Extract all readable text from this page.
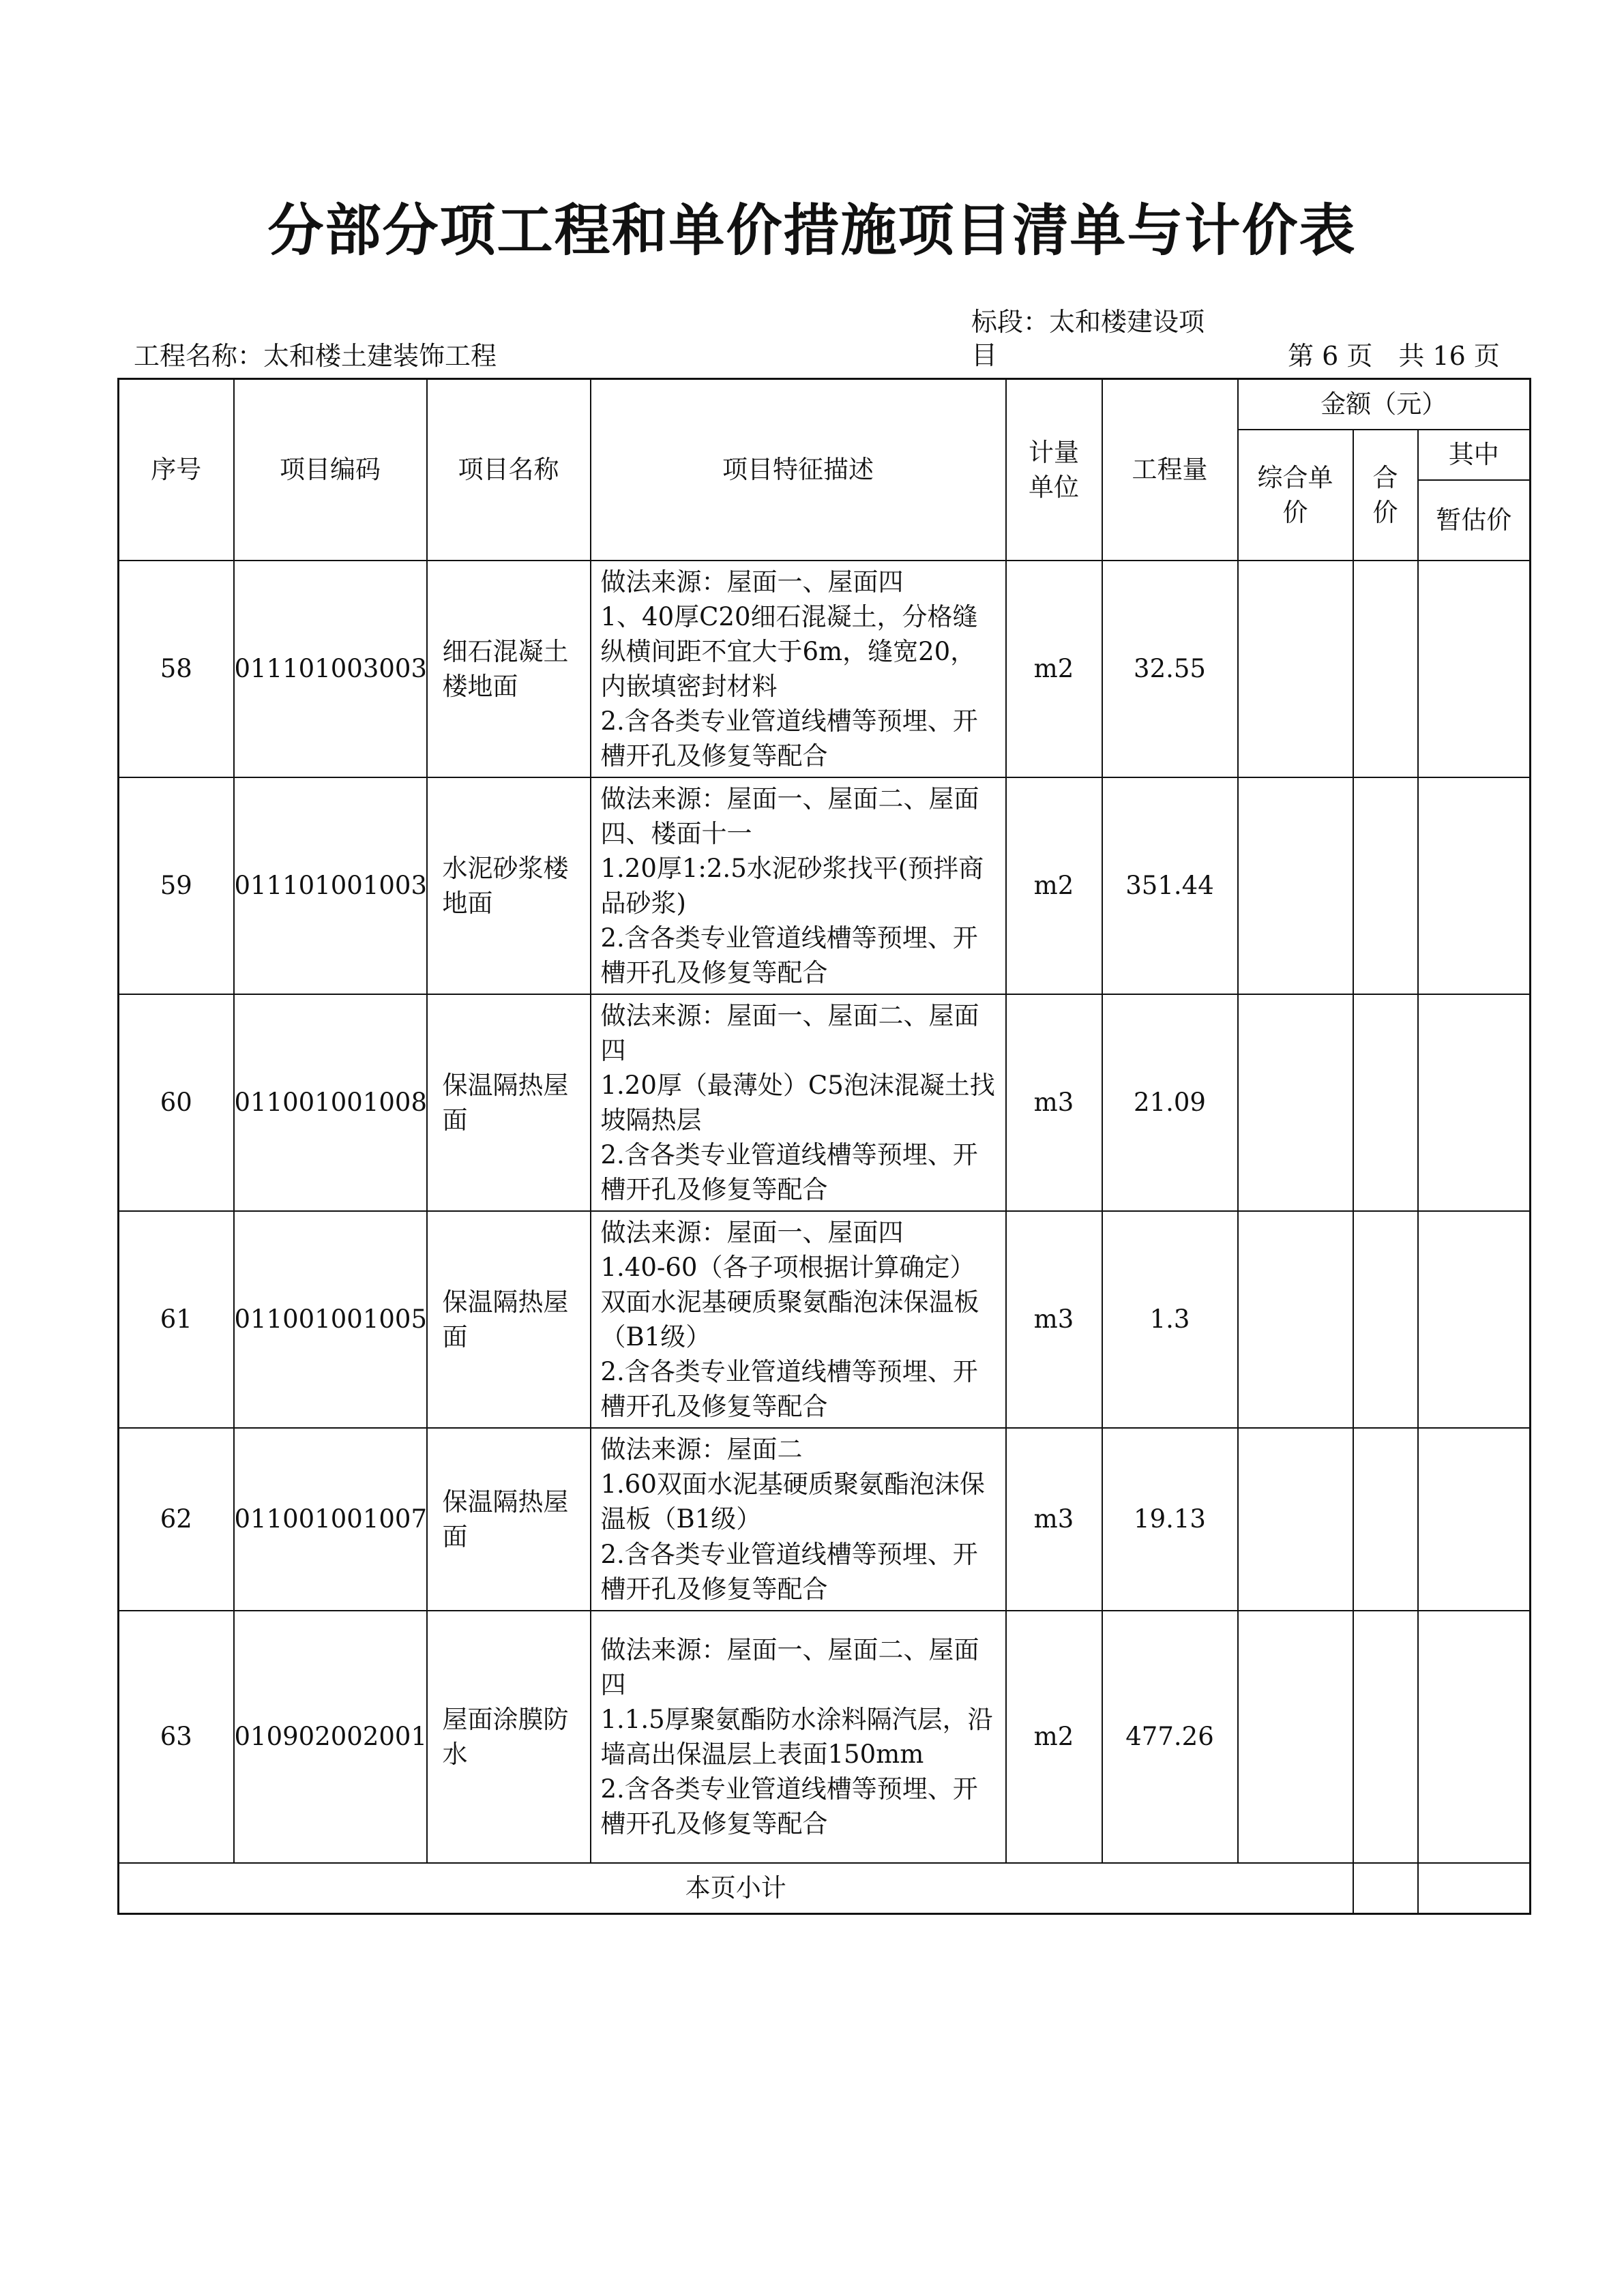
分部分项工程和单价措施项目清单与计价表
工程名称：太和楼土建装饰工程
标段：太和楼建设项目	第 6 页　共 16 页
序号	项目编码	项目名称	项目特征描述	计量单位	工程量	金额（元）		
						综合单价	合价	其中
								暂估价
58	011101003003	细石混凝土楼地面	做法来源：屋面一、屋面四
1、40厚C20细石混凝土，分格缝纵横间距不宜大于6m，缝宽20，内嵌填密封材料
2.含各类专业管道线槽等预埋、开槽开孔及修复等配合	m2	32.55			
59	011101001003	水泥砂浆楼地面	做法来源：屋面一、屋面二、屋面四、楼面十一
1.20厚1:2.5水泥砂浆找平(预拌商品砂浆)
2.含各类专业管道线槽等预埋、开槽开孔及修复等配合	m2	351.44			
60	011001001008	保温隔热屋面	做法来源：屋面一、屋面二、屋面四
1.20厚（最薄处）C5泡沫混凝土找坡隔热层
2.含各类专业管道线槽等预埋、开槽开孔及修复等配合	m3	21.09			
61	011001001005	保温隔热屋面	做法来源：屋面一、屋面四
1.40-60（各子项根据计算确定）双面水泥基硬质聚氨酯泡沫保温板（B1级）
2.含各类专业管道线槽等预埋、开槽开孔及修复等配合	m3	1.3			
62	011001001007	保温隔热屋面	做法来源：屋面二
1.60双面水泥基硬质聚氨酯泡沫保温板（B1级）
2.含各类专业管道线槽等预埋、开槽开孔及修复等配合	m3	19.13			
63	010902002001	屋面涂膜防水	做法来源：屋面一、屋面二、屋面四
1.1.5厚聚氨酯防水涂料隔汽层，沿墙高出保温层上表面150mm
2.含各类专业管道线槽等预埋、开槽开孔及修复等配合	m2	477.26			
本页小计								
